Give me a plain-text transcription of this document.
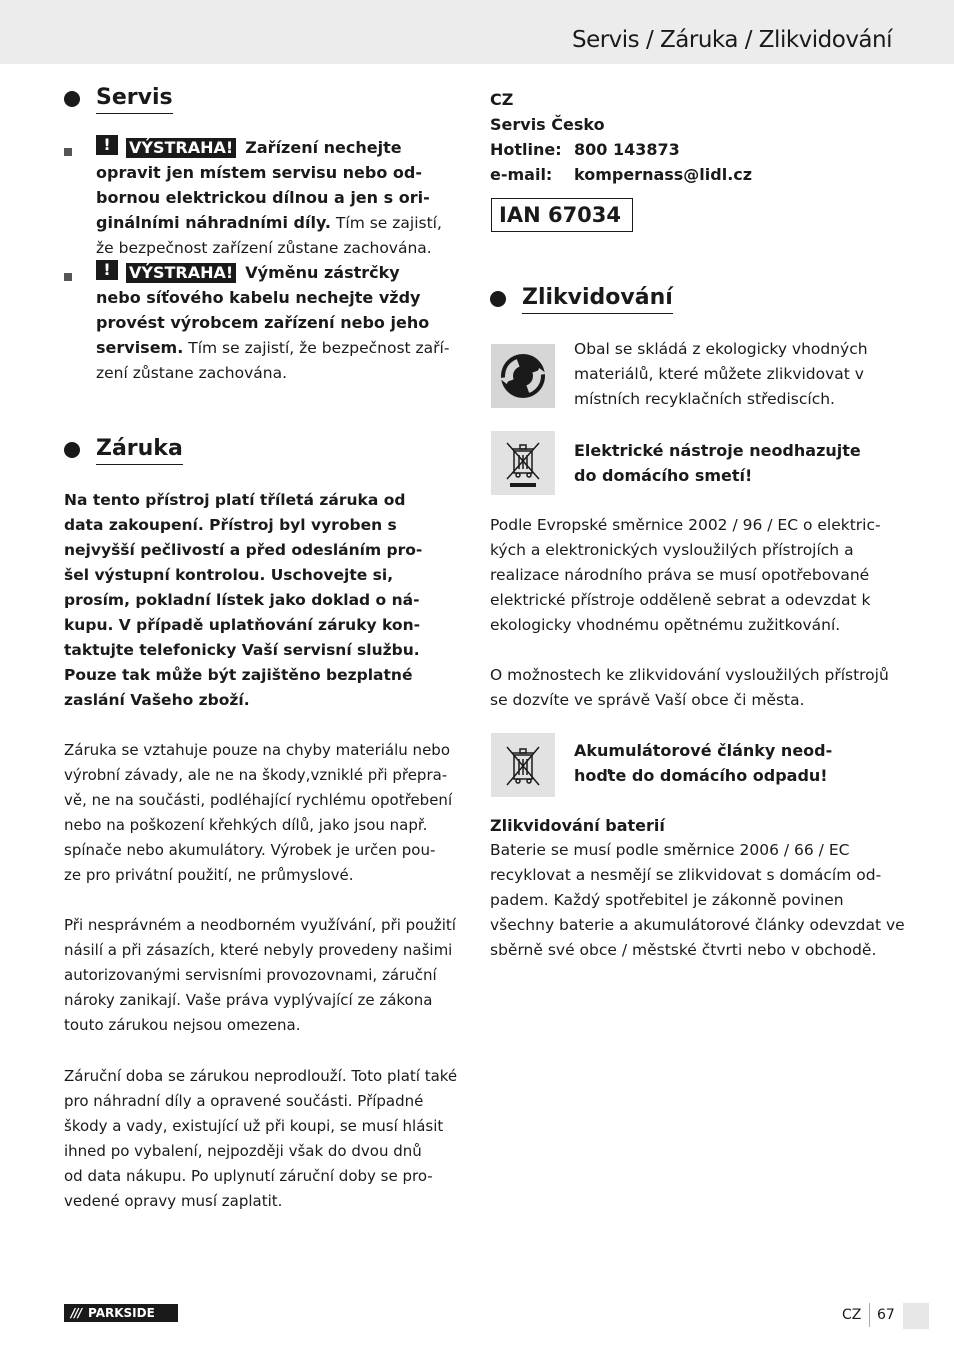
Servis / Záruka / Zlikvidování
Servis
!	VÝSTRAHA! Zařízení nechejte
opravit jen místem servisu nebo od-
bornou elektrickou dílnou a jen s ori-
ginálními náhradními díly. Tím se zajistí,
že bezpečnost zařízení zůstane zachována.
!	VÝSTRAHA! Výměnu zástrčky
nebo síťového kabelu nechejte vždy
provést výrobcem zařízení nebo jeho
servisem. Tím se zajistí, že bezpečnost zaří-
zení zůstane zachována.
Záruka
Na tento přístroj platí tříletá záruka od
data zakoupení. Přístroj byl vyroben s
nejvyšší pečlivostí a před odesláním pro-
šel výstupní kontrolou. Uschovejte si,
prosím, pokladní lístek jako doklad o ná-
kupu. V případě uplatňování záruky kon-
taktujte telefonicky Vaší servisní službu.
Pouze tak může být zajištěno bezplatné
zaslání Vašeho zboží.
Záruka se vztahuje pouze na chyby materiálu nebo
výrobní závady, ale ne na škody,vzniklé při přepra-
vě, ne na součásti, podléhající rychlému opotřebení
nebo na poškození křehkých dílů, jako jsou např.
spínače nebo akumulátory. Výrobek je určen pou-
ze pro privátní použití, ne průmyslové.
Při nesprávném a neodborném využívání, při použití
násilí a při zásazích, které nebyly provedeny našimi
autorizovanými servisními provozovnami, záruční
nároky zanikají. Vaše práva vyplývající ze zákona
touto zárukou nejsou omezena.
Záruční doba se zárukou neprodlouží. Toto platí také
pro náhradní díly a opravené součásti. Případné
škody a vady, existující už při koupi, se musí hlásit
ihned po vybalení, nejpozději však do dvou dnů
od data nákupu. Po uplynutí záruční doby se pro-
vedené opravy musí zaplatit.
CZ
Servis Česko
Hotline: 800 143873
e-mail: kompernass@lidl.cz
IAN 67034
Zlikvidování
Obal se skládá z ekologicky vhodných
materiálů, které můžete zlikvidovat v
místních recyklačních střediscích.
Elektrické nástroje neodhazujte
do domácího smetí!
Podle Evropské směrnice 2002 / 96 / EC o elektric-
kých a elektronických vysloužilých přístrojích a
realizace národního práva se musí opotřebované
elektrické přístroje odděleně sebrat a odevzdat k
ekologicky vhodnému opětnému zužitkování.
O možnostech ke zlikvidování vysloužilých přístrojů
se dozvíte ve správě Vaší obce či města.
Akumulátorové články neod-
hoďte do domácího odpadu!
Zlikvidování baterií
Baterie se musí podle směrnice 2006 / 66 / EC
recyklovat a nesmějí se zlikvidovat s domácím od-
padem. Každý spotřebitel je zákonně povinen
všechny baterie a akumulátorové články odevzdat ve
sběrně své obce / městské čtvrti nebo v obchodě.
/// PARKSIDE	CZ 67
